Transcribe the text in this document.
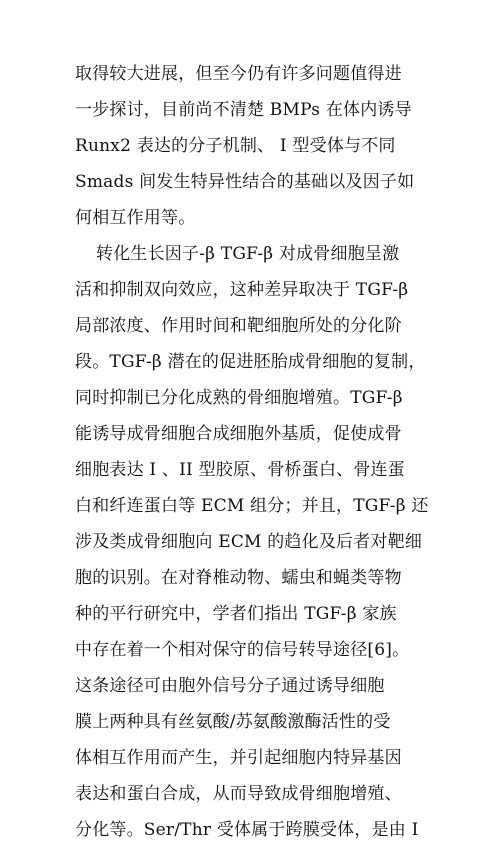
取得较大进展，但至今仍有许多问题值得进
一步探讨，目前尚不清楚 BMPs 在体内诱导
Runx2 表达的分子机制、 I 型受体与不同
Smads 间发生特异性结合的基础以及因子如
何相互作用等。
转化生长因子-β TGF-β 对成骨细胞呈激
活和抑制双向效应，这种差异取决于 TGF-β
局部浓度、作用时间和靶细胞所处的分化阶
段。TGF-β 潜在的促进胚胎成骨细胞的复制，
同时抑制已分化成熟的骨细胞增殖。TGF-β
能诱导成骨细胞合成细胞外基质，促使成骨
细胞表达 I 、II 型胶原、骨桥蛋白、骨连蛋
白和纤连蛋白等 ECM 组分；并且，TGF-β 还
涉及类成骨细胞向 ECM 的趋化及后者对靶细
胞的识别。在对脊椎动物、蠕虫和蝇类等物
种的平行研究中，学者们指出 TGF-β 家族
中存在着一个相对保守的信号转导途径[6]。
这条途径可由胞外信号分子通过诱导细胞
膜上两种具有丝氨酸/苏氨酸激酶活性的受
体相互作用而产生，并引起细胞内特异基因
表达和蛋白合成，从而导致成骨细胞增殖、
分化等。Ser/Thr 受体属于跨膜受体，是由 I
